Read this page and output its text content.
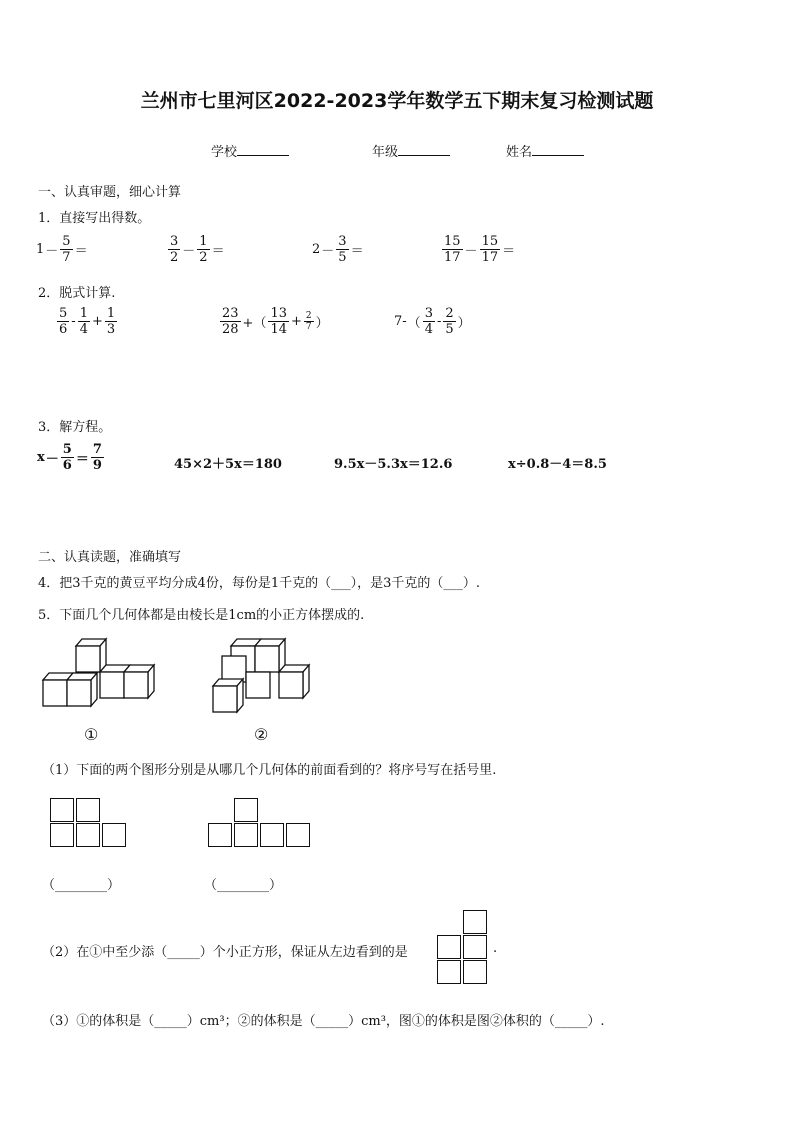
兰州市七里河区2022-2023学年数学五下期末复习检测试题
学校	年级	姓名
一、认真审题，细心计算
1．直接写出得数。
$1 - \frac{5}{7}$ ＝	$\frac{3}{2} - \frac{1}{2}$ ＝	$2 - \frac{3}{5}$ ＝	$\frac{15}{17} - \frac{15}{17}$ ＝
2．脱式计算.
$\frac{5}{6} - \frac{1}{4} + \frac{1}{3}$	$\frac{23}{28}$ +（ $\frac{13}{14} + \frac{2}{7}$ ）	7- （ $\frac{3}{4} - \frac{2}{5}$ ）
3．解方程。
$x - \frac{5}{6} = \frac{7}{9}$	45×2＋5x＝180	9.5x－5.3x＝12.6	x÷0.8－4＝8.5
二、认真读题，准确填写
4．把3千克的黄豆平均分成4份，每份是1千克的（___），是3千克的（___）.
5．下面几个几何体都是由棱长是1cm的小正方体摆成的.
①	②
（1）下面的两个图形分别是从哪几个几何体的前面看到的？将序号写在括号里.
（________）	（________）
（2）在①中至少添（_____）个小正方形，保证从左边看到的是	.
（3）①的体积是（_____）cm³；②的体积是（_____）cm³，图①的体积是图②体积的（_____）.
